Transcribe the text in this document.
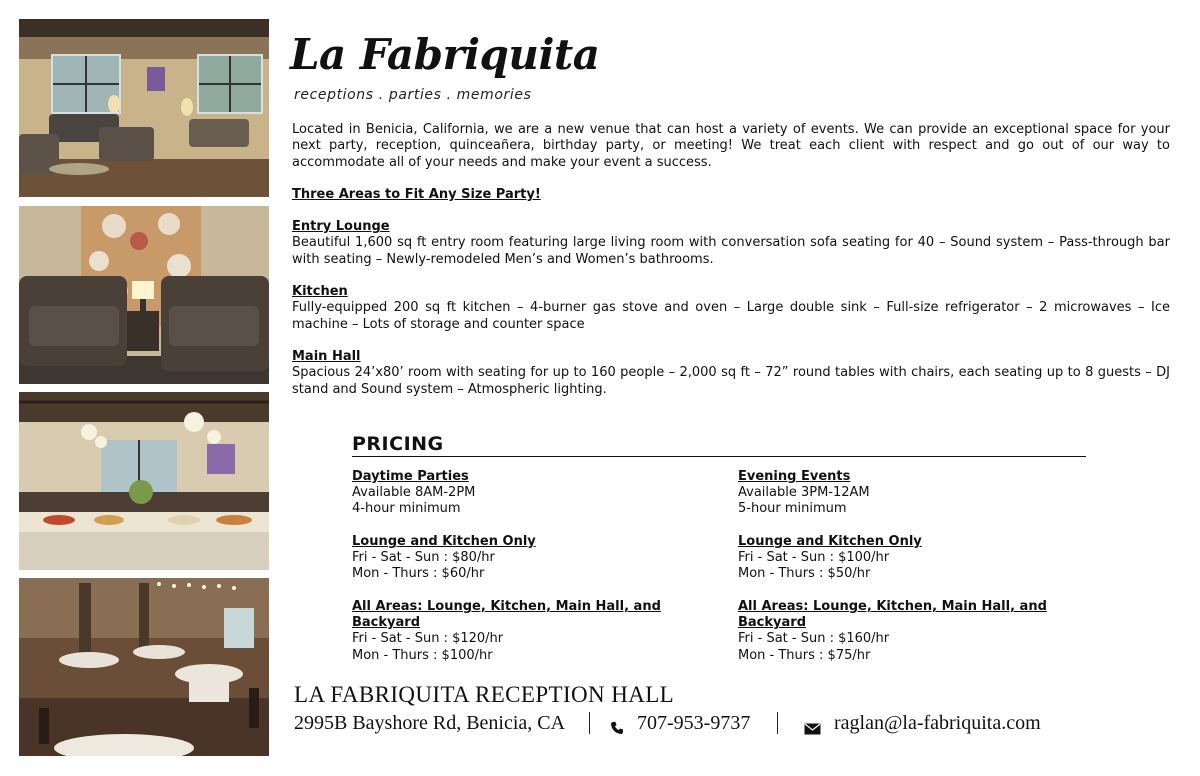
La Fabriquita
receptions . parties . memories

Located in Benicia, California, we are a new venue that can host a variety of events. We can provide an exceptional space for your next party, reception, quinceañera, birthday party, or meeting! We treat each client with respect and go out of our way to accommodate all of your needs and make your event a success.

Three Areas to Fit Any Size Party!

Entry Lounge

Beautiful 1,600 sq ft entry room featuring large living room with conversation sofa seating for 40 – Sound system – Pass-through bar with seating – Newly-remodeled Men’s and Women’s bathrooms.

Kitchen

Fully-equipped 200 sq ft kitchen – 4-burner gas stove and oven – Large double sink – Full-size refrigerator – 2 microwaves – Ice machine – Lots of storage and counter space

Main Hall

Spacious 24’x80’ room with seating for up to 160 people – 2,000 sq ft – 72” round tables with chairs, each seating up to 8 guests – DJ stand and Sound system – Atmospheric lighting.

PRICING
Daytime Parties
Available 8AM-2PM
4-hour minimum
Lounge and Kitchen Only
Fri - Sat - Sun : $80/hr
Mon - Thurs : $60/hr
All Areas: Lounge, Kitchen, Main Hall, and Backyard
Fri - Sat - Sun : $120/hr
Mon - Thurs : $100/hr
Evening Events
Available 3PM-12AM
5-hour minimum
Lounge and Kitchen Only
Fri - Sat - Sun : $100/hr
Mon - Thurs : $50/hr
All Areas: Lounge, Kitchen, Main Hall, and Backyard
Fri - Sat - Sun : $160/hr
Mon - Thurs : $75/hr
LA FABRIQUITA RECEPTION HALL
2995B Bayshore Rd, Benicia, CA	707-953-9737	raglan@la-fabriquita.com
